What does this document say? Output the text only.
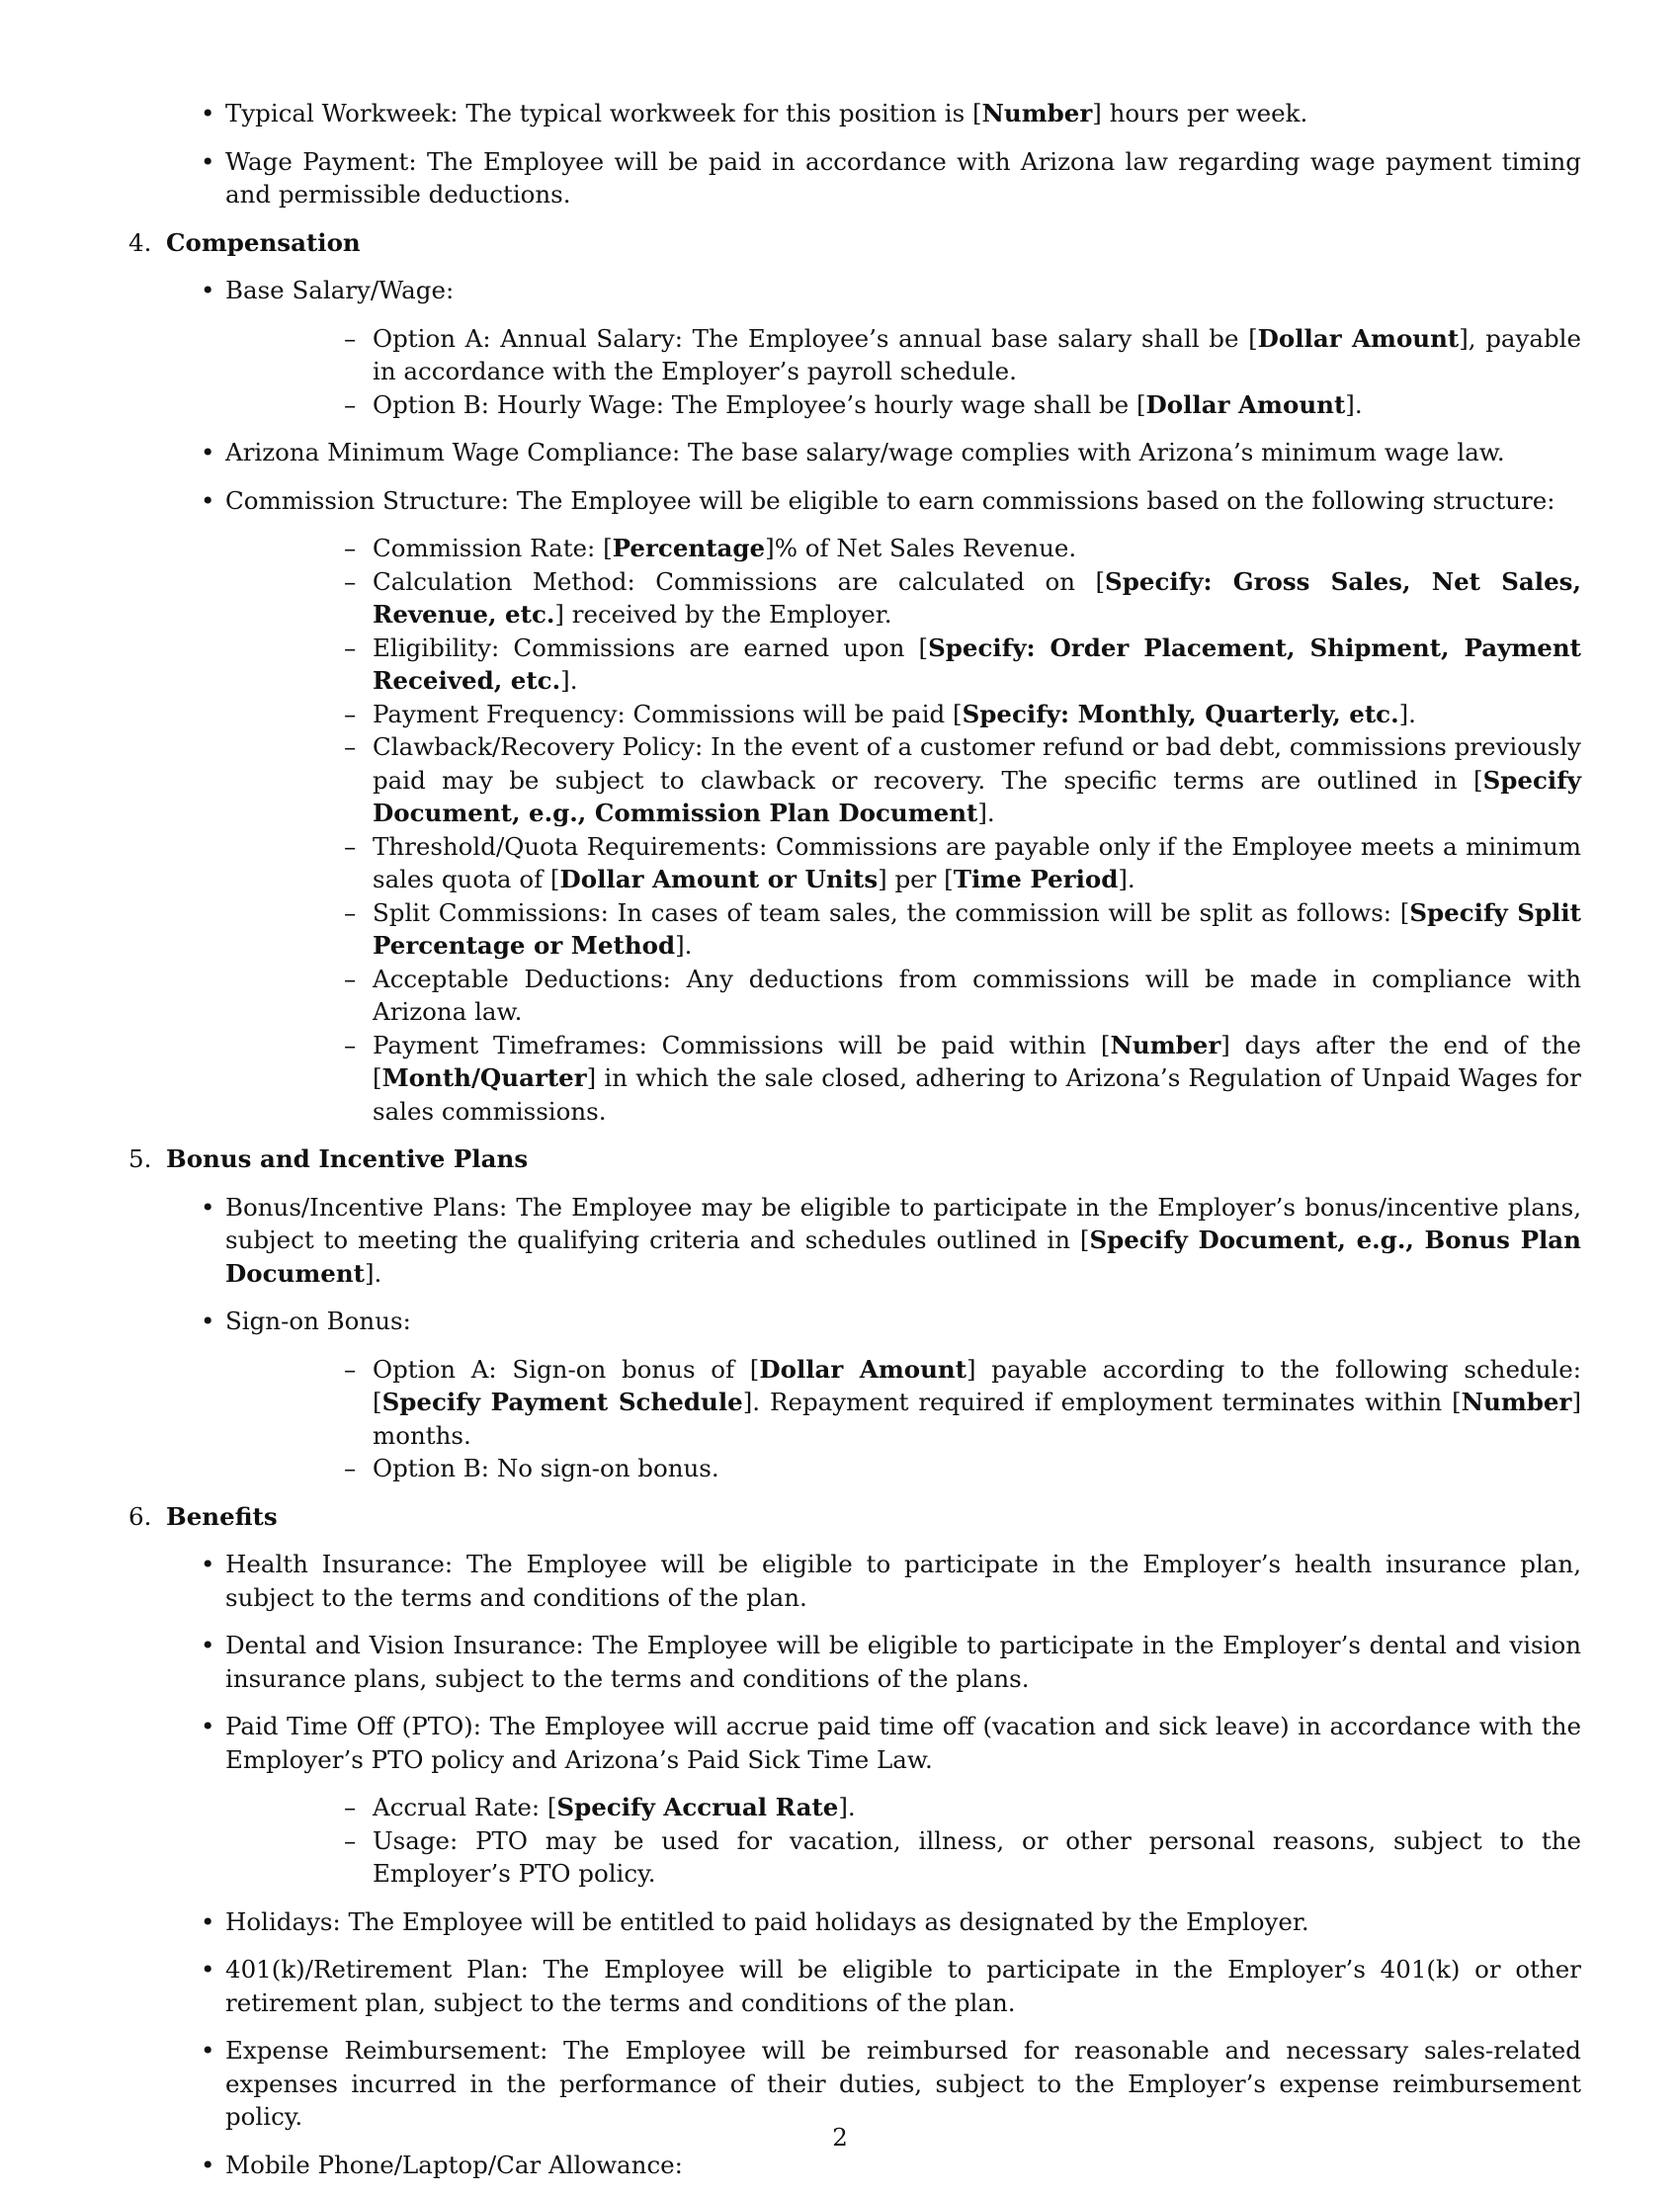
• Typical Workweek: The typical workweek for this position is [Number] hours per week.
• Wage Payment: The Employee will be paid in accordance with Arizona law regarding wage payment timing and permissible deductions.
4. Compensation
• Base Salary/Wage:
– Option A: Annual Salary: The Employee’s annual base salary shall be [Dollar Amount], payable in accordance with the Employer’s payroll schedule.
– Option B: Hourly Wage: The Employee’s hourly wage shall be [Dollar Amount].
• Arizona Minimum Wage Compliance: The base salary/wage complies with Arizona’s minimum wage law.
• Commission Structure: The Employee will be eligible to earn commissions based on the following structure:
– Commission Rate: [Percentage]% of Net Sales Revenue.
– Calculation Method: Commissions are calculated on [Specify: Gross Sales, Net Sales, Revenue, etc.] received by the Employer.
– Eligibility: Commissions are earned upon [Specify: Order Placement, Shipment, Payment Received, etc.].
– Payment Frequency: Commissions will be paid [Specify: Monthly, Quarterly, etc.].
– Clawback/Recovery Policy: In the event of a customer refund or bad debt, commissions previously paid may be subject to clawback or recovery. The specific terms are outlined in [Specify Document, e.g., Commission Plan Document].
– Threshold/Quota Requirements: Commissions are payable only if the Employee meets a minimum sales quota of [Dollar Amount or Units] per [Time Period].
– Split Commissions: In cases of team sales, the commission will be split as follows: [Specify Split Percentage or Method].
– Acceptable Deductions: Any deductions from commissions will be made in compliance with Arizona law.
– Payment Timeframes: Commissions will be paid within [Number] days after the end of the [Month/Quarter] in which the sale closed, adhering to Arizona’s Regulation of Unpaid Wages for sales commissions.
5. Bonus and Incentive Plans
• Bonus/Incentive Plans: The Employee may be eligible to participate in the Employer’s bonus/incentive plans, subject to meeting the qualifying criteria and schedules outlined in [Specify Document, e.g., Bonus Plan Document].
• Sign-on Bonus:
– Option A: Sign-on bonus of [Dollar Amount] payable according to the following schedule: [Specify Payment Schedule]. Repayment required if employment terminates within [Number] months.
– Option B: No sign-on bonus.
6. Benefits
• Health Insurance: The Employee will be eligible to participate in the Employer’s health insurance plan, subject to the terms and conditions of the plan.
• Dental and Vision Insurance: The Employee will be eligible to participate in the Employer’s dental and vision insurance plans, subject to the terms and conditions of the plans.
• Paid Time Off (PTO): The Employee will accrue paid time off (vacation and sick leave) in accordance with the Employer’s PTO policy and Arizona’s Paid Sick Time Law.
– Accrual Rate: [Specify Accrual Rate].
– Usage: PTO may be used for vacation, illness, or other personal reasons, subject to the Employer’s PTO policy.
• Holidays: The Employee will be entitled to paid holidays as designated by the Employer.
• 401(k)/Retirement Plan: The Employee will be eligible to participate in the Employer’s 401(k) or other retirement plan, subject to the terms and conditions of the plan.
• Expense Reimbursement: The Employee will be reimbursed for reasonable and necessary sales-related expenses incurred in the performance of their duties, subject to the Employer’s expense reimbursement policy.
• Mobile Phone/Laptop/Car Allowance:
2
